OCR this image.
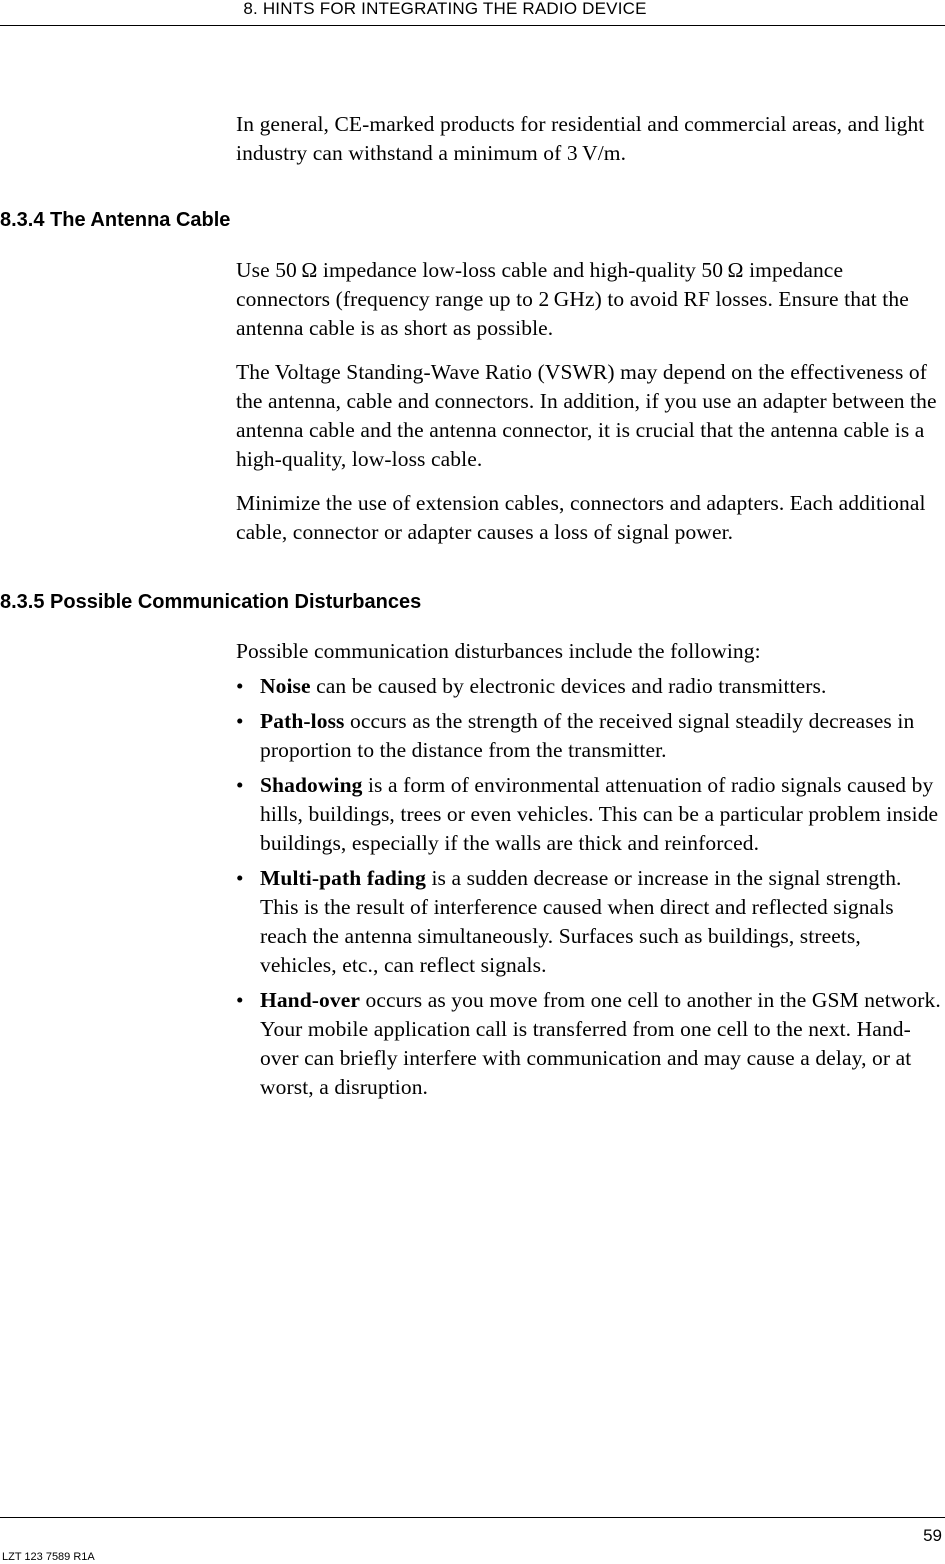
8. HINTS FOR INTEGRATING THE RADIO DEVICE

In general, CE-marked products for residential and commercial areas, and light industry can withstand a minimum of 3 V/m.

8.3.4 The Antenna Cable

Use 50 Ω impedance low-loss cable and high-quality 50 Ω impedance connectors (frequency range up to 2 GHz) to avoid RF losses. Ensure that the antenna cable is as short as possible.

The Voltage Standing-Wave Ratio (VSWR) may depend on the effectiveness of the antenna, cable and connectors. In addition, if you use an adapter between the antenna cable and the antenna connector, it is crucial that the antenna cable is a high-quality, low-loss cable.

Minimize the use of extension cables, connectors and adapters. Each additional cable, connector or adapter causes a loss of signal power.

8.3.5 Possible Communication Disturbances

Possible communication disturbances include the following:

• Noise can be caused by electronic devices and radio transmitters.
• Path-loss occurs as the strength of the received signal steadily decreases in proportion to the distance from the transmitter.
• Shadowing is a form of environmental attenuation of radio signals caused by hills, buildings, trees or even vehicles. This can be a particular problem inside buildings, especially if the walls are thick and reinforced.
• Multi-path fading is a sudden decrease or increase in the signal strength. This is the result of interference caused when direct and reflected signals reach the antenna simultaneously. Surfaces such as buildings, streets, vehicles, etc., can reflect signals.
• Hand-over occurs as you move from one cell to another in the GSM network. Your mobile application call is transferred from one cell to the next. Hand-over can briefly interfere with communication and may cause a delay, or at worst, a disruption.
59
LZT 123 7589 R1A
